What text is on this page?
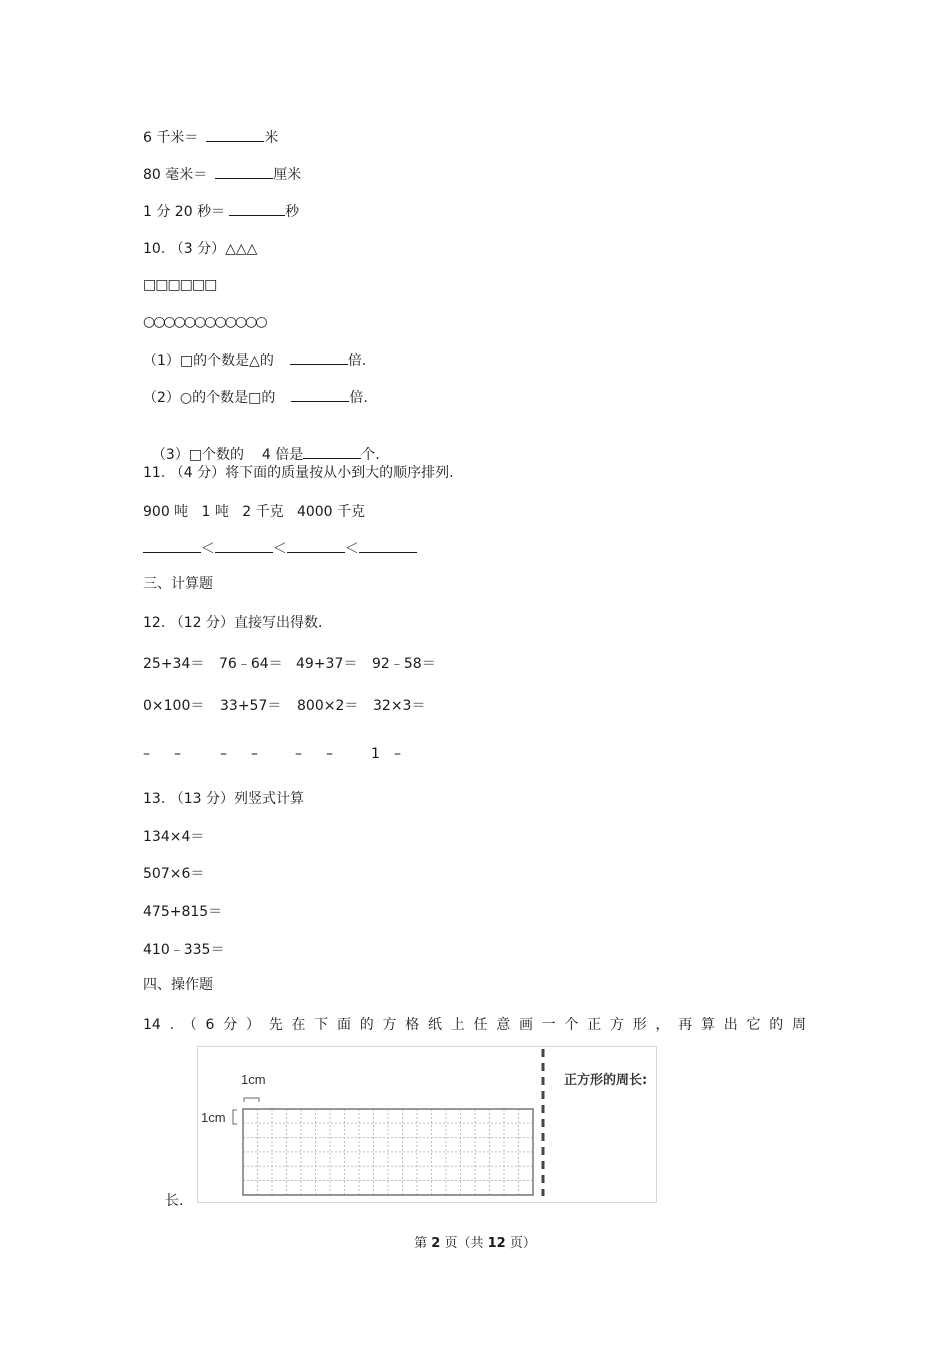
6 千米＝	米
80 毫米＝	厘米
1 分 20 秒＝	秒
10. （3 分）△△△
□□□□□□
○○○○○○○○○○○○
（1）□的个数是△的	倍.
（2）○的个数是□的	倍.

（3）□个数的    4 倍是	个.

11. （4 分）将下面的质量按从小到大的顺序排列.
900 吨   1 吨   2 千克   4000 千克
＜	＜	＜
三、计算题
12. （12 分）直接写出得数.
25+34＝ 76﹣64＝ 49+37＝ 92﹣58＝
0×100＝ 33+57＝ 800×2＝ 32×3＝
– –	– –	– –	1 –
13. （13 分）列竖式计算
134×4＝
507×6＝
475+815＝
410﹣335＝
四、操作题
14 . （ 6 分 ） 先 在 下 面 的 方 格 纸 上 任 意 画 一 个 正 方 形 ， 再 算 出 它 的 周
1cm
1cm
正方形的周长:
长.
第 2 页（共 12 页）
